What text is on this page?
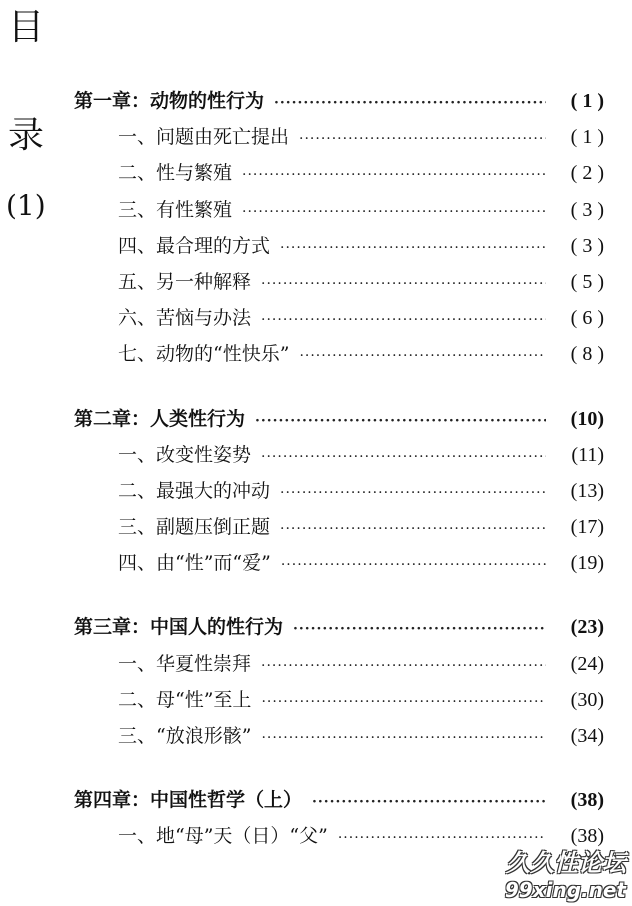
目
录
(1)
第一章：动物的性行为 ·····	( 1 )
一、问题由死亡提出 ·····	( 1 )
二、性与繁殖 ·····	( 2 )
三、有性繁殖 ·····	( 3 )
四、最合理的方式 ·····	( 3 )
五、另一种解释 ·····	( 5 )
六、苦恼与办法 ·····	( 6 )
七、动物的“性快乐” ·····	( 8 )
第二章：人类性行为 ·····	(10)
一、改变性姿势 ·····	(11)
二、最强大的冲动 ·····	(13)
三、副题压倒正题 ·····	(17)
四、由“性”而“爱” ·····	(19)
第三章：中国人的性行为 ·····	(23)
一、华夏性崇拜 ·····	(24)
二、母“性”至上 ·····	(30)
三、“放浪形骸” ·····	(34)
第四章：中国性哲学（上） ·····	(38)
一、地“母”天（日）“父” ·····	(38)
久久性论坛
99xing.net
